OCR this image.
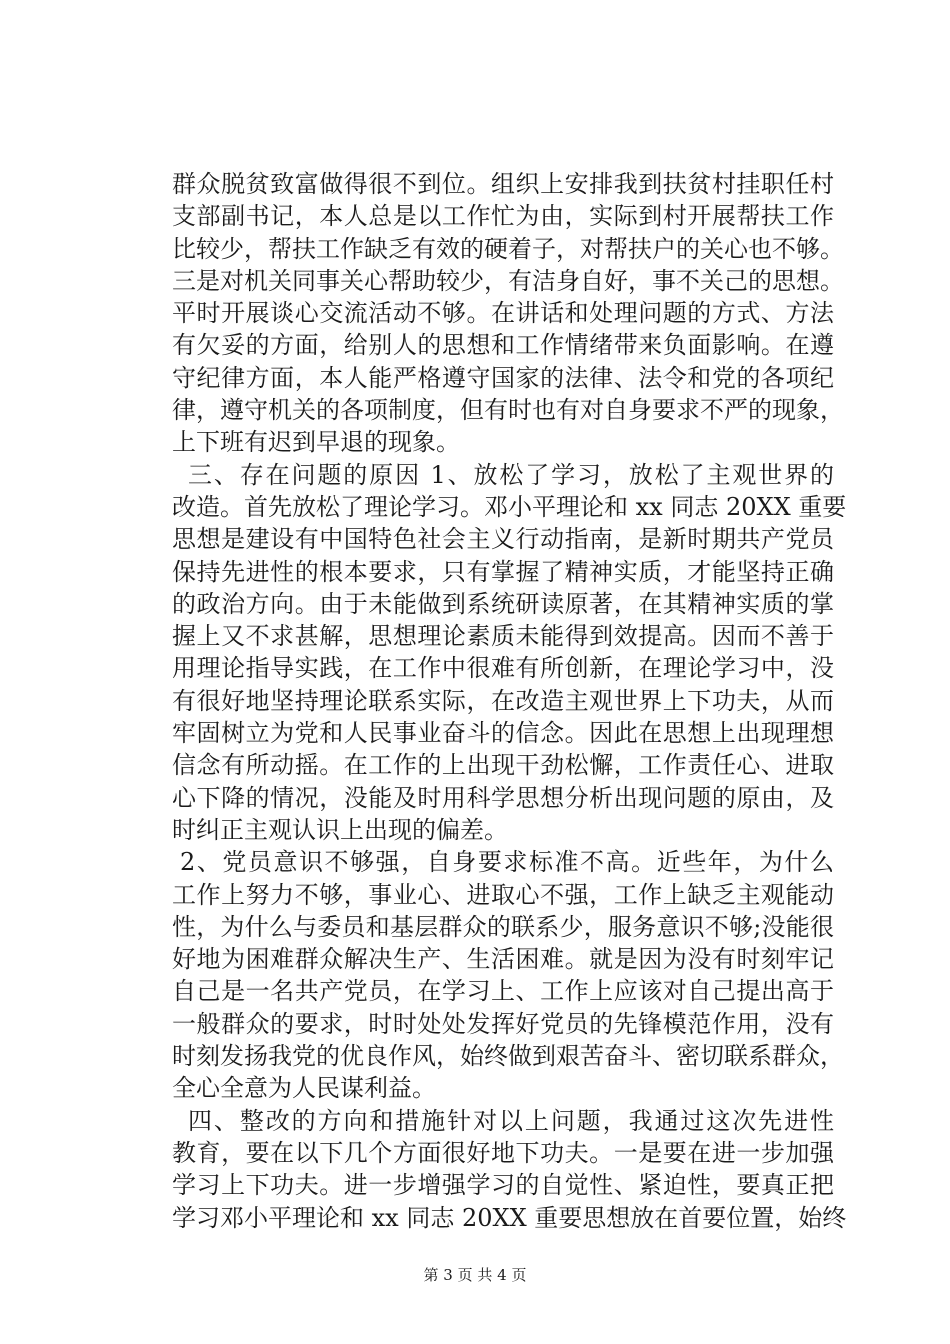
群众脱贫致富做得很不到位。组织上安排我到扶贫村挂职任村
支部副书记，本人总是以工作忙为由，实际到村开展帮扶工作
比较少，帮扶工作缺乏有效的硬着子，对帮扶户的关心也不够。
三是对机关同事关心帮助较少，有洁身自好，事不关己的思想。
平时开展谈心交流活动不够。在讲话和处理问题的方式、方法
有欠妥的方面，给别人的思想和工作情绪带来负面影响。在遵
守纪律方面，本人能严格遵守国家的法律、法令和党的各项纪
律，遵守机关的各项制度，但有时也有对自身要求不严的现象，
上下班有迟到早退的现象。
三、存在问题的原因 1、放松了学习，放松了主观世界的
改造。首先放松了理论学习。邓小平理论和 xx 同志 20XX 重要
思想是建设有中国特色社会主义行动指南，是新时期共产党员
保持先进性的根本要求，只有掌握了精神实质，才能坚持正确
的政治方向。由于未能做到系统研读原著，在其精神实质的掌
握上又不求甚解，思想理论素质未能得到效提高。因而不善于
用理论指导实践，在工作中很难有所创新，在理论学习中，没
有很好地坚持理论联系实际，在改造主观世界上下功夫，从而
牢固树立为党和人民事业奋斗的信念。因此在思想上出现理想
信念有所动摇。在工作的上出现干劲松懈，工作责任心、进取
心下降的情况，没能及时用科学思想分析出现问题的原由，及
时纠正主观认识上出现的偏差。
2、党员意识不够强，自身要求标准不高。近些年，为什么
工作上努力不够，事业心、进取心不强，工作上缺乏主观能动
性，为什么与委员和基层群众的联系少，服务意识不够;没能很
好地为困难群众解决生产、生活困难。就是因为没有时刻牢记
自己是一名共产党员，在学习上、工作上应该对自己提出高于
一般群众的要求，时时处处发挥好党员的先锋模范作用，没有
时刻发扬我党的优良作风，始终做到艰苦奋斗、密切联系群众，
全心全意为人民谋利益。
四、整改的方向和措施针对以上问题，我通过这次先进性
教育，要在以下几个方面很好地下功夫。一是要在进一步加强
学习上下功夫。进一步增强学习的自觉性、紧迫性，要真正把
学习邓小平理论和 xx 同志 20XX 重要思想放在首要位置，始终
第 3 页 共 4 页
